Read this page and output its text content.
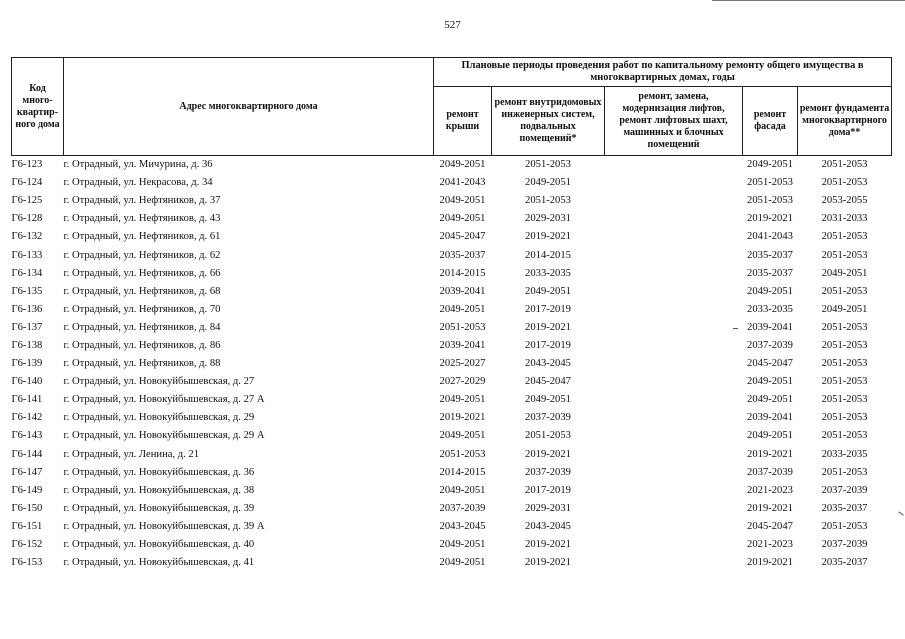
527
Код много-квартир-ного дома	Адрес многоквартирного дома	Плановые периоды проведения работ по капитальному ремонту общего имущества в многоквартирных домах, годы				
		ремонт крыши	ремонт внутридомовых инженерных систем, подвальных помещений*	ремонт, замена, модернизация лифтов, ремонт лифтовых шахт, машинных и блочных помещений	ремонт фасада	ремонт фундамента многоквартирного дома**
Г6-123	г. Отрадный, ул. Мичурина, д. 36	2049-2051	2051-2053		2049-2051	2051-2053
Г6-124	г. Отрадный, ул. Некрасова, д. 34	2041-2043	2049-2051		2051-2053	2051-2053
Г6-125	г. Отрадный, ул. Нефтяников, д. 37	2049-2051	2051-2053		2051-2053	2053-2055
Г6-128	г. Отрадный, ул. Нефтяников, д. 43	2049-2051	2029-2031		2019-2021	2031-2033
Г6-132	г. Отрадный, ул. Нефтяников, д. 61	2045-2047	2019-2021		2041-2043	2051-2053
Г6-133	г. Отрадный, ул. Нефтяников, д. 62	2035-2037	2014-2015		2035-2037	2051-2053
Г6-134	г. Отрадный, ул. Нефтяников, д. 66	2014-2015	2033-2035		2035-2037	2049-2051
Г6-135	г. Отрадный, ул. Нефтяников, д. 68	2039-2041	2049-2051		2049-2051	2051-2053
Г6-136	г. Отрадный, ул. Нефтяников, д. 70	2049-2051	2017-2019		2033-2035	2049-2051
Г6-137	г. Отрадный, ул. Нефтяников, д. 84	2051-2053	2019-2021		2039-2041	2051-2053
Г6-138	г. Отрадный, ул. Нефтяников, д. 86	2039-2041	2017-2019		2037-2039	2051-2053
Г6-139	г. Отрадный, ул. Нефтяников, д. 88	2025-2027	2043-2045		2045-2047	2051-2053
Г6-140	г. Отрадный, ул. Новокуйбышевская, д. 27	2027-2029	2045-2047		2049-2051	2051-2053
Г6-141	г. Отрадный, ул. Новокуйбышевская, д. 27 А	2049-2051	2049-2051		2049-2051	2051-2053
Г6-142	г. Отрадный, ул. Новокуйбышевская, д. 29	2019-2021	2037-2039		2039-2041	2051-2053
Г6-143	г. Отрадный, ул. Новокуйбышевская, д. 29 А	2049-2051	2051-2053		2049-2051	2051-2053
Г6-144	г. Отрадный, ул. Ленина, д. 21	2051-2053	2019-2021		2019-2021	2033-2035
Г6-147	г. Отрадный, ул. Новокуйбышевская, д. 36	2014-2015	2037-2039		2037-2039	2051-2053
Г6-149	г. Отрадный, ул. Новокуйбышевская, д. 38	2049-2051	2017-2019		2021-2023	2037-2039
Г6-150	г. Отрадный, ул. Новокуйбышевская, д. 39	2037-2039	2029-2031		2019-2021	2035-2037
Г6-151	г. Отрадный, ул. Новокуйбышевская, д. 39 А	2043-2045	2043-2045		2045-2047	2051-2053
Г6-152	г. Отрадный, ул. Новокуйбышевская, д. 40	2049-2051	2019-2021		2021-2023	2037-2039
Г6-153	г. Отрадный, ул. Новокуйбышевская, д. 41	2049-2051	2019-2021		2019-2021	2035-2037
